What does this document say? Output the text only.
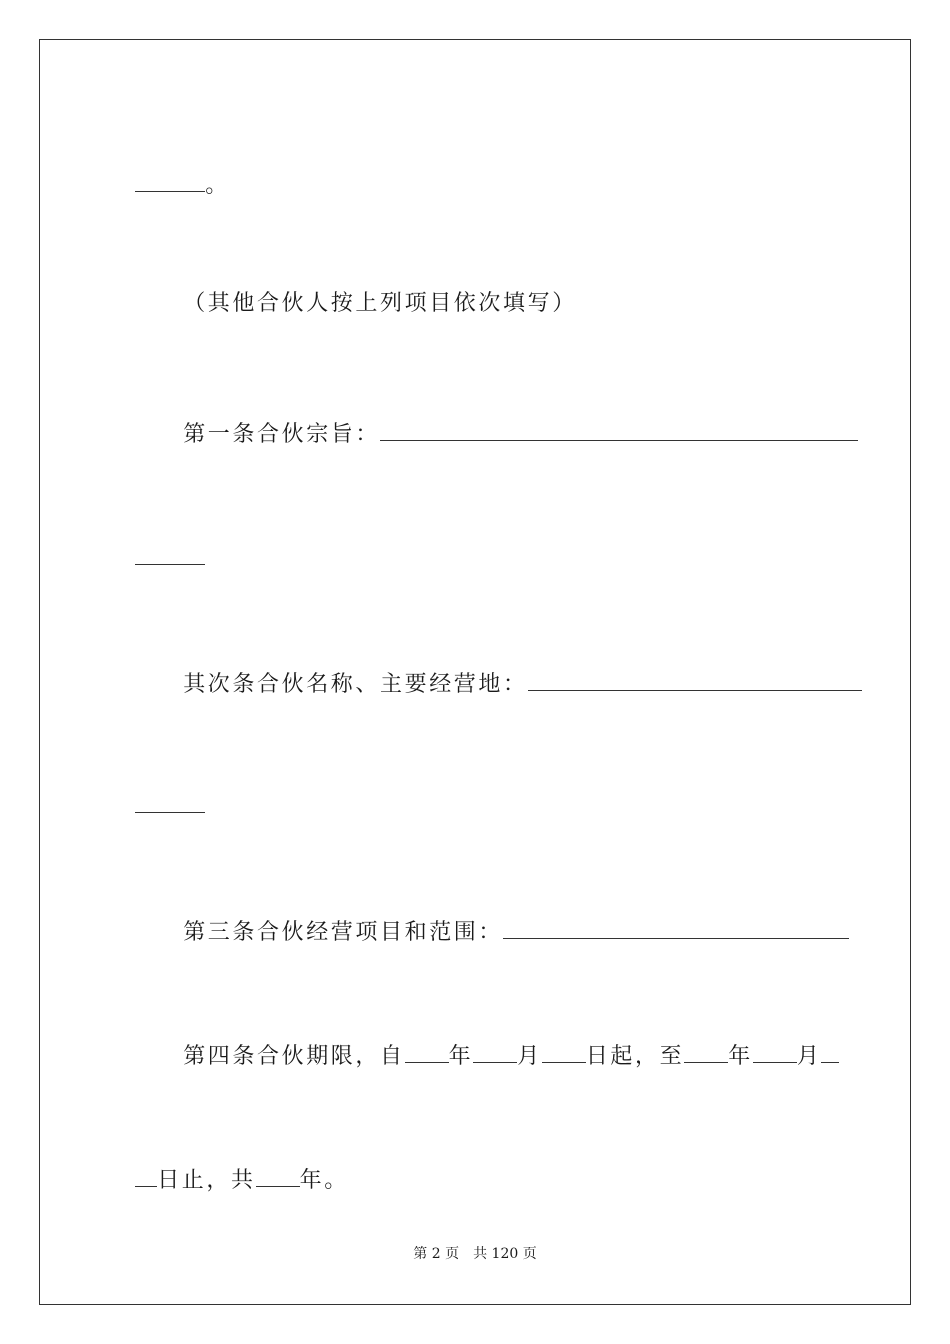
。

（其他合伙人按上列项目依次填写）

第一条合伙宗旨：

其次条合伙名称、主要经营地：

第三条合伙经营项目和范围：

第四条合伙期限，自 年 月 日起，至 年 月

日止，共 年。

第 2 页 共 120 页
